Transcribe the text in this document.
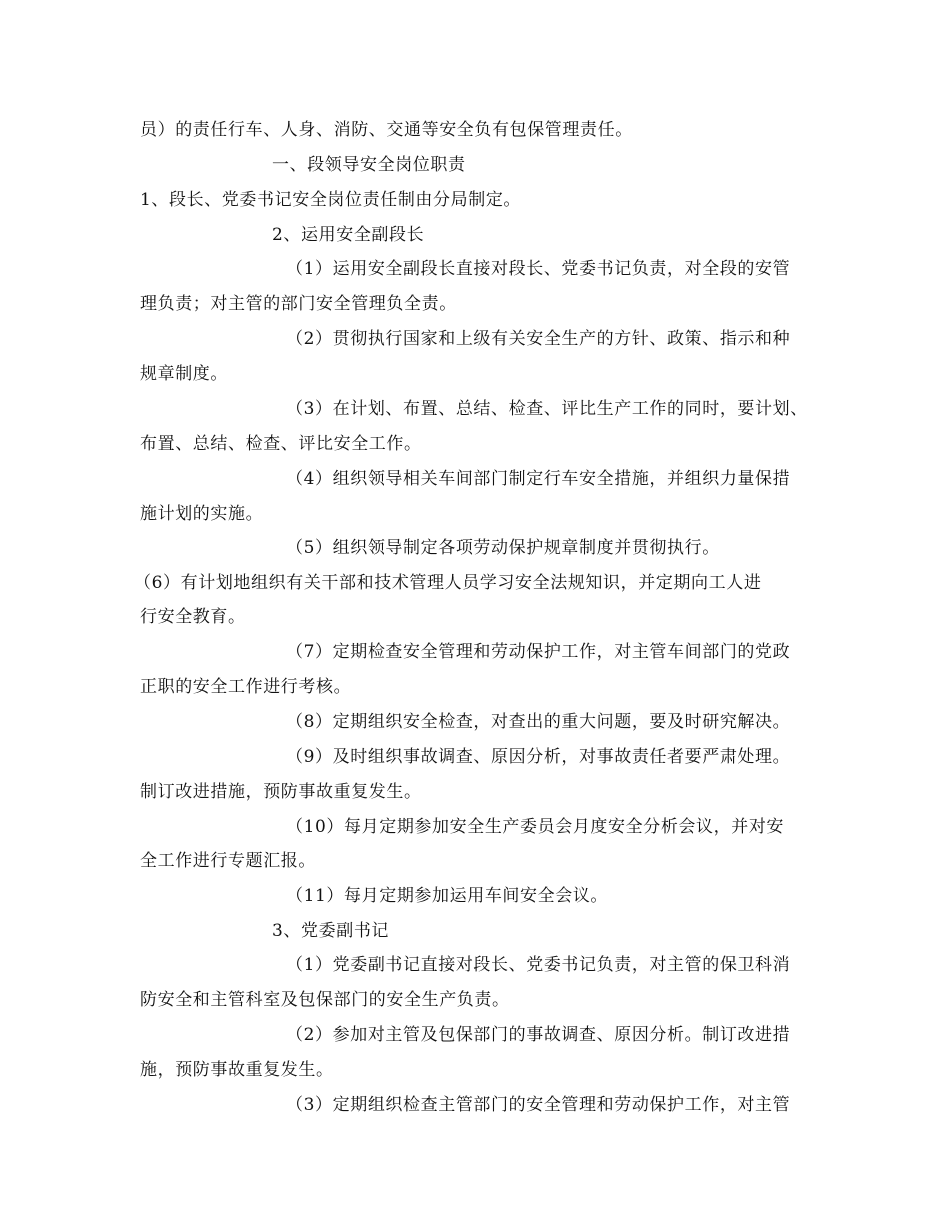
员）的责任行车、人身、消防、交通等安全负有包保管理责任。
一、段领导安全岗位职责
1、段长、党委书记安全岗位责任制由分局制定。
2、运用安全副段长
（1）运用安全副段长直接对段长、党委书记负责，对全段的安管
理负责；对主管的部门安全管理负全责。
（2）贯彻执行国家和上级有关安全生产的方针、政策、指示和种
规章制度。
（3）在计划、布置、总结、检查、评比生产工作的同时，要计划、
布置、总结、检查、评比安全工作。
（4）组织领导相关车间部门制定行车安全措施，并组织力量保措
施计划的实施。
（5）组织领导制定各项劳动保护规章制度并贯彻执行。
（6）有计划地组织有关干部和技术管理人员学习安全法规知识，并定期向工人进
行安全教育。
（7）定期检查安全管理和劳动保护工作，对主管车间部门的党政
正职的安全工作进行考核。
（8）定期组织安全检查，对查出的重大问题，要及时研究解决。
（9）及时组织事故调查、原因分析，对事故责任者要严肃处理。
制订改进措施，预防事故重复发生。
（10）每月定期参加安全生产委员会月度安全分析会议，并对安
全工作进行专题汇报。
（11）每月定期参加运用车间安全会议。
3、党委副书记
（1）党委副书记直接对段长、党委书记负责，对主管的保卫科消
防安全和主管科室及包保部门的安全生产负责。
（2）参加对主管及包保部门的事故调查、原因分析。制订改进措
施，预防事故重复发生。
（3）定期组织检查主管部门的安全管理和劳动保护工作，对主管
